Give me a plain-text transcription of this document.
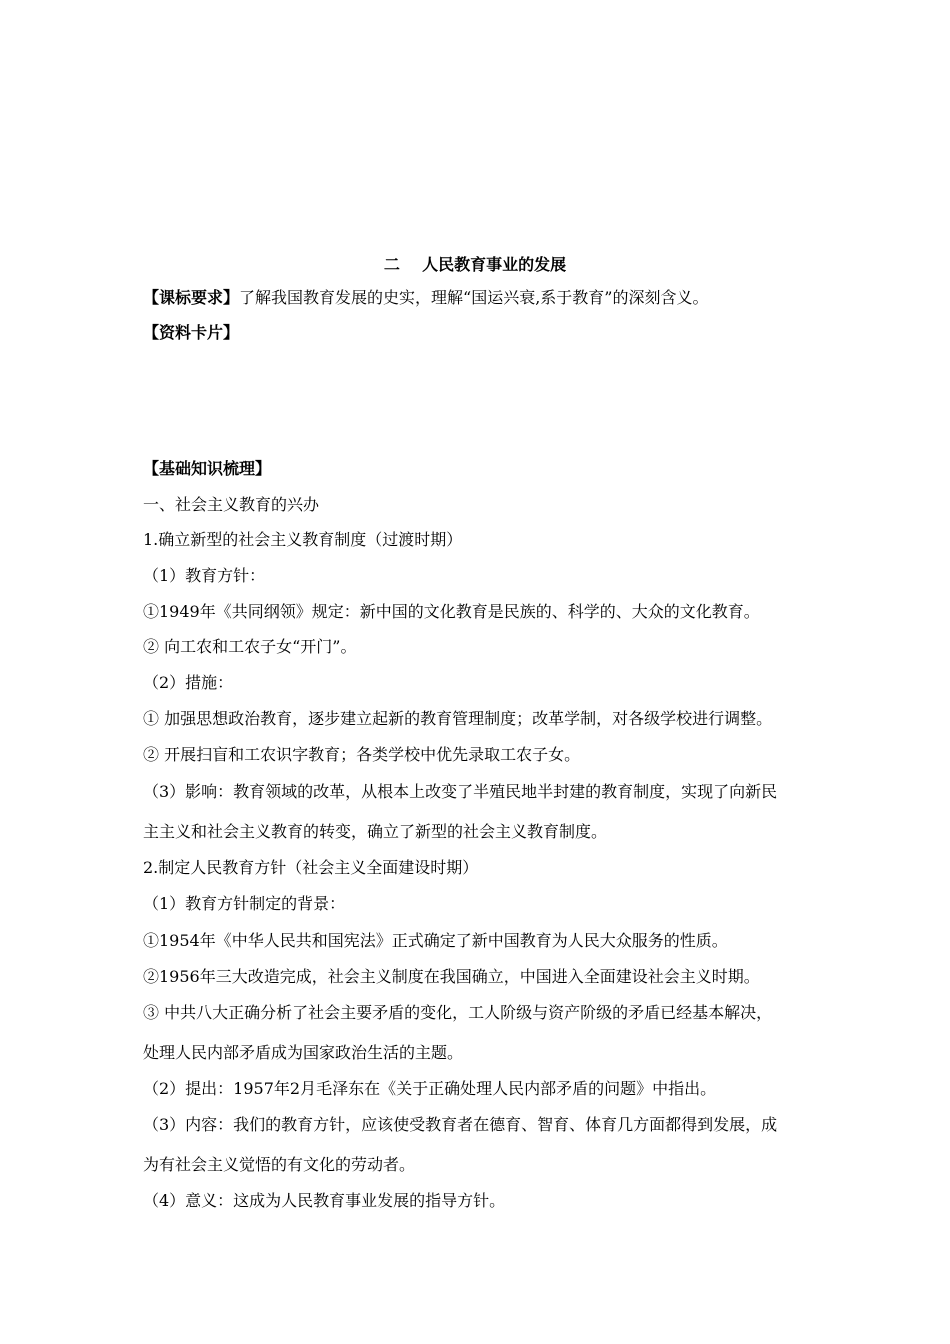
二    人民教育事业的发展
【课标要求】了解我国教育发展的史实，理解“国运兴衰,系于教育”的深刻含义。
【资料卡片】
【基础知识梳理】
一、社会主义教育的兴办
1.确立新型的社会主义教育制度（过渡时期）
（1）教育方针：
①1949年《共同纲领》规定：新中国的文化教育是民族的、科学的、大众的文化教育。
② 向工农和工农子女“开门”。
（2）措施：
① 加强思想政治教育，逐步建立起新的教育管理制度；改革学制，对各级学校进行调整。
② 开展扫盲和工农识字教育；各类学校中优先录取工农子女。
（3）影响：教育领域的改革，从根本上改变了半殖民地半封建的教育制度，实现了向新民
主主义和社会主义教育的转变，确立了新型的社会主义教育制度。
2.制定人民教育方针（社会主义全面建设时期）
（1）教育方针制定的背景：
①1954年《中华人民共和国宪法》正式确定了新中国教育为人民大众服务的性质。
②1956年三大改造完成，社会主义制度在我国确立，中国进入全面建设社会主义时期。
③ 中共八大正确分析了社会主要矛盾的变化，工人阶级与资产阶级的矛盾已经基本解决，
处理人民内部矛盾成为国家政治生活的主题。
（2）提出：1957年2月毛泽东在《关于正确处理人民内部矛盾的问题》中指出。
（3）内容：我们的教育方针，应该使受教育者在德育、智育、体育几方面都得到发展，成
为有社会主义觉悟的有文化的劳动者。
（4）意义：这成为人民教育事业发展的指导方针。
